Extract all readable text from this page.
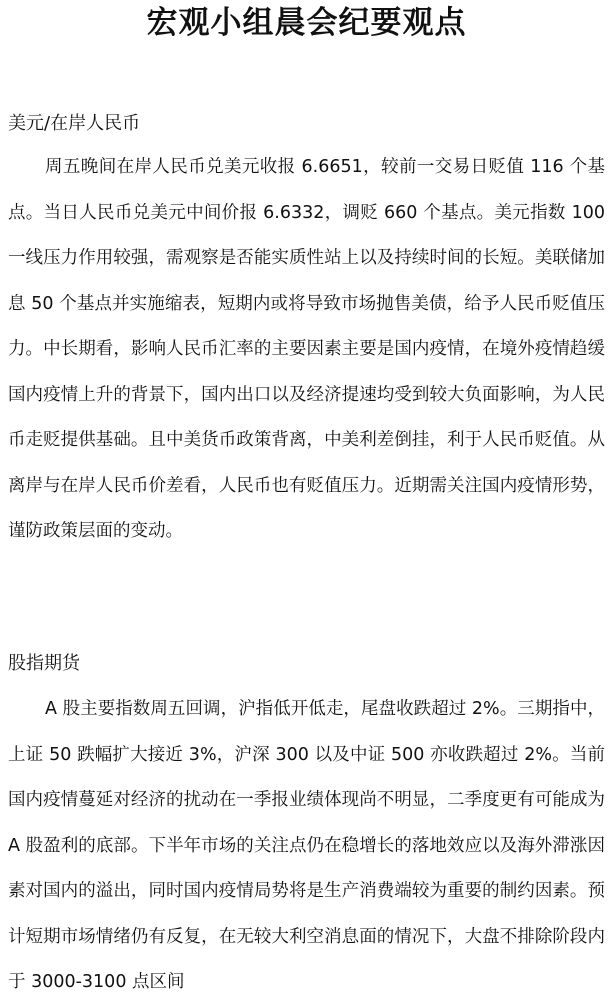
宏观小组晨会纪要观点
美元/在岸人民币
周五晚间在岸人民币兑美元收报 6.6651，较前一交易日贬值 116 个基点。当日人民币兑美元中间价报 6.6332，调贬 660 个基点。美元指数 100 一线压力作用较强，需观察是否能实质性站上以及持续时间的长短。美联储加息 50 个基点并实施缩表，短期内或将导致市场抛售美债，给予人民币贬值压力。中长期看，影响人民币汇率的主要因素主要是国内疫情，在境外疫情趋缓国内疫情上升的背景下，国内出口以及经济提速均受到较大负面影响，为人民币走贬提供基础。且中美货币政策背离，中美利差倒挂，利于人民币贬值。从离岸与在岸人民币价差看，人民币也有贬值压力。近期需关注国内疫情形势，谨防政策层面的变动。
股指期货
A 股主要指数周五回调，沪指低开低走，尾盘收跌超过 2%。三期指中，上证 50 跌幅扩大接近 3%，沪深 300 以及中证 500 亦收跌超过 2%。当前国内疫情蔓延对经济的扰动在一季报业绩体现尚不明显，二季度更有可能成为 A 股盈利的底部。下半年市场的关注点仍在稳增长的落地效应以及海外滞涨因素对国内的溢出，同时国内疫情局势将是生产消费端较为重要的制约因素。预计短期市场情绪仍有反复，在无较大利空消息面的情况下，大盘不排除阶段内于 3000-3100 点区间
